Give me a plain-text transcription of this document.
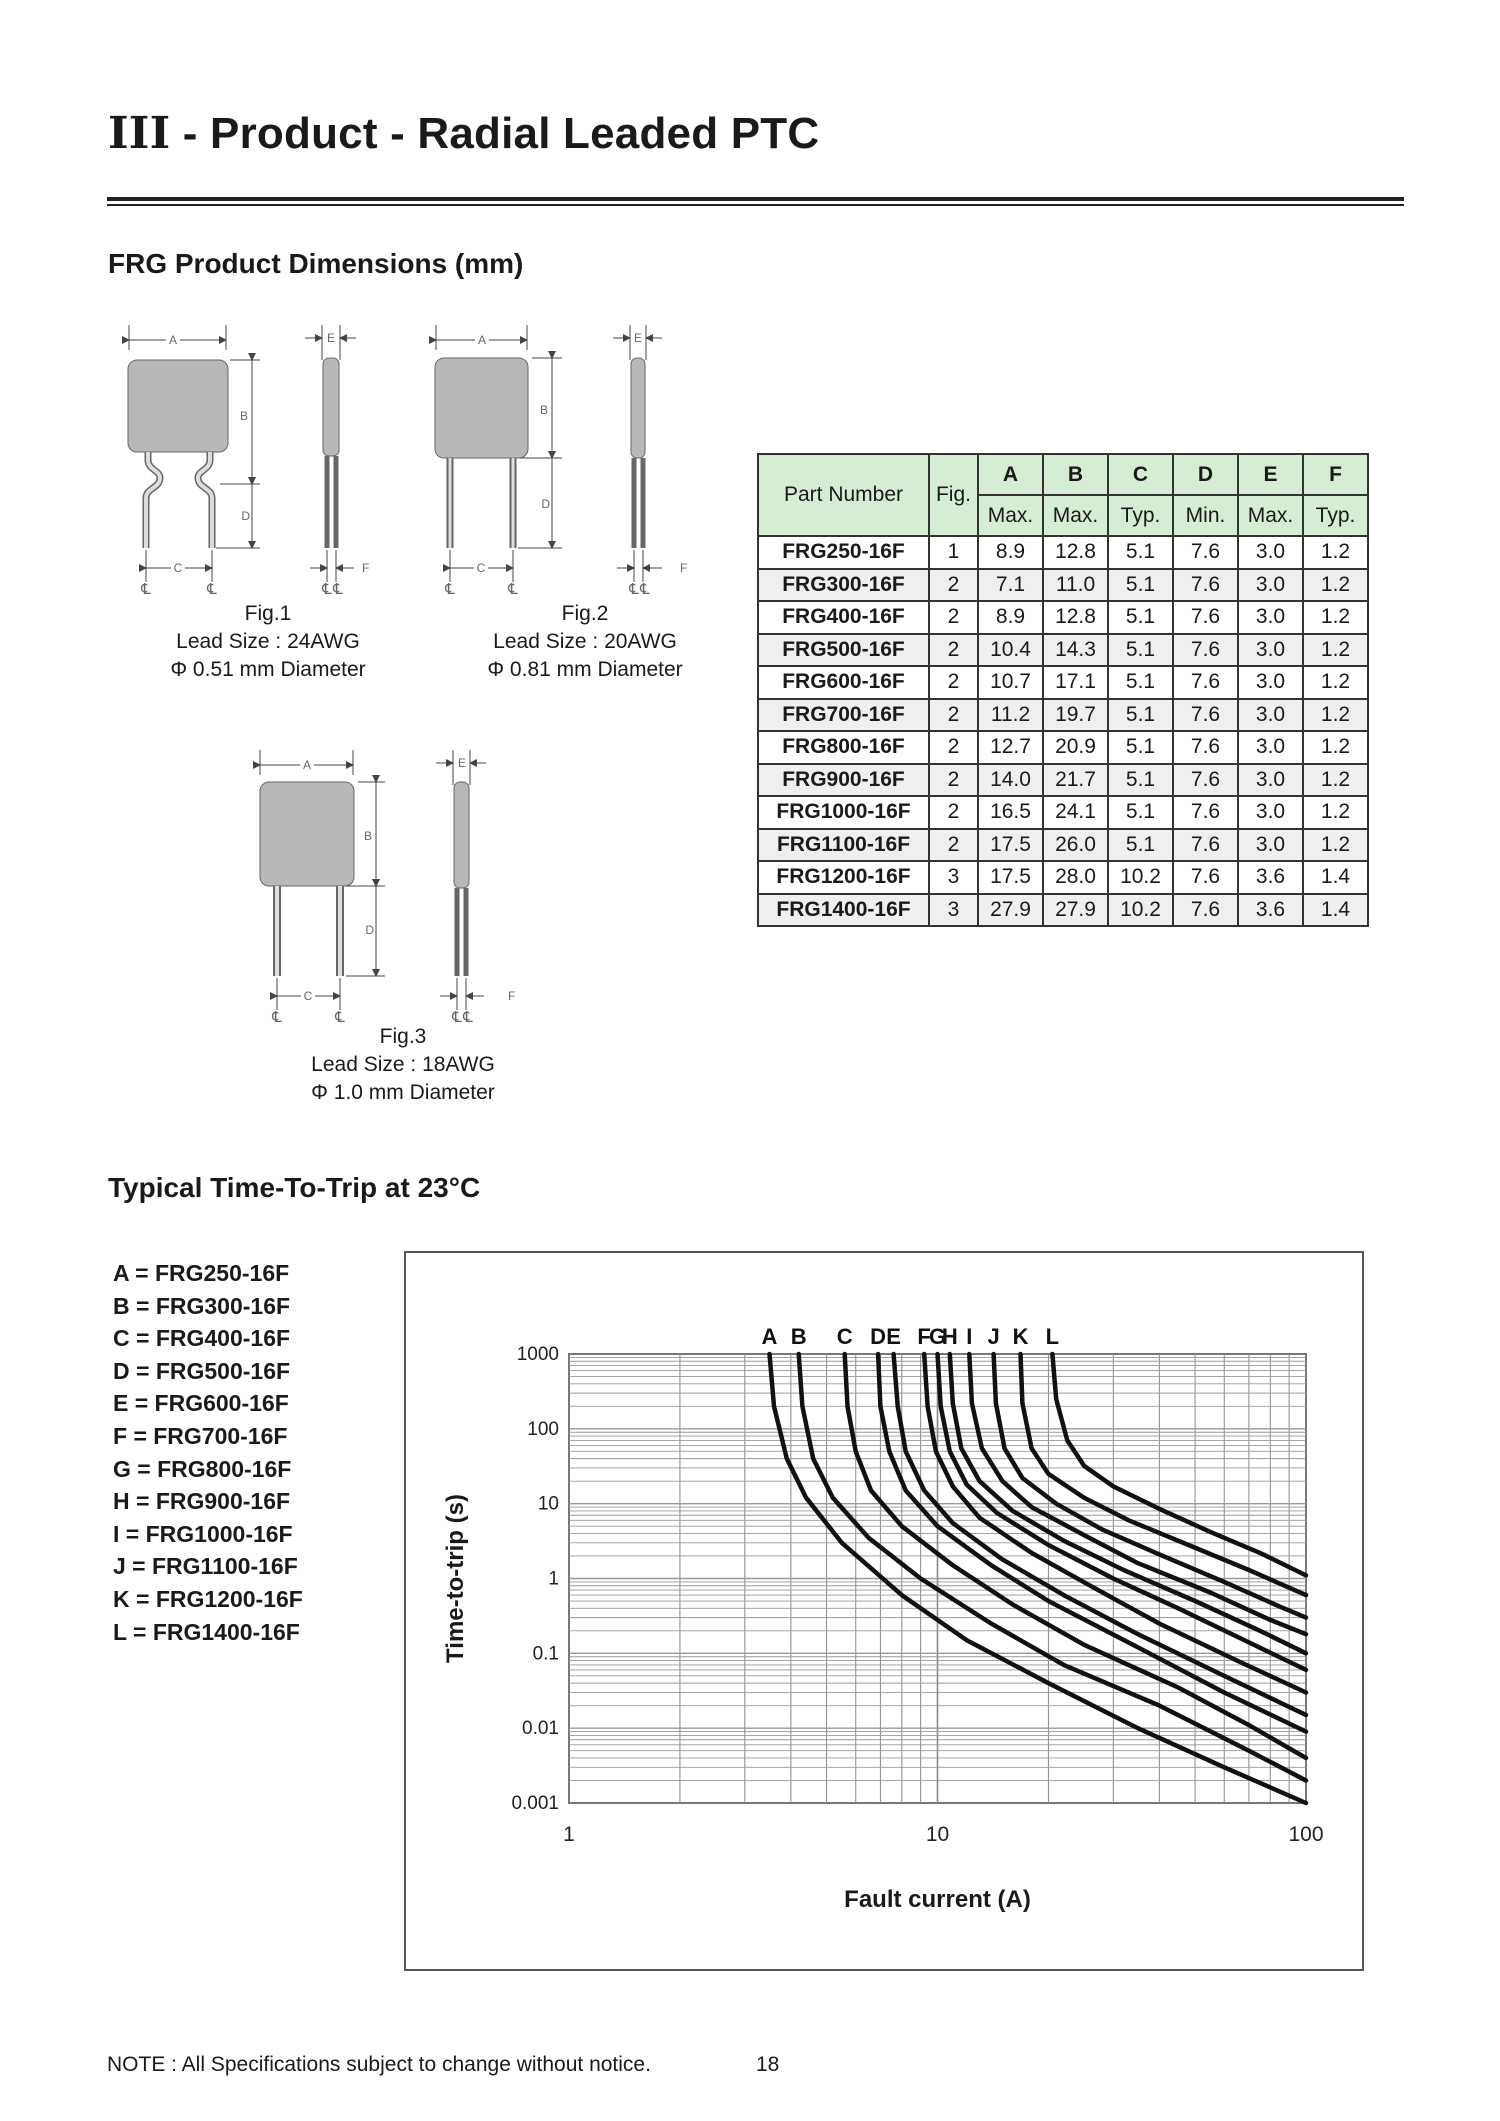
III - Product - Radial Leaded PTC
FRG Product Dimensions (mm)
A
B
D
C
℄	℄
E
F
℄ ℄
A
B
D
C
℄	℄
E
F
℄ ℄
A
B
D
C
℄	℄
E
F
℄ ℄
Fig.1
Lead Size : 24AWG
Φ 0.51 mm Diameter
Fig.2
Lead Size : 20AWG
Φ 0.81 mm Diameter
Fig.3
Lead Size : 18AWG
Φ 1.0 mm Diameter
Part Number	Fig.	A	B	C	D	E	F
		Max.	Max.	Typ.	Min.	Max.	Typ.
FRG250-16F	1	8.9	12.8	5.1	7.6	3.0	1.2
FRG300-16F	2	7.1	11.0	5.1	7.6	3.0	1.2
FRG400-16F	2	8.9	12.8	5.1	7.6	3.0	1.2
FRG500-16F	2	10.4	14.3	5.1	7.6	3.0	1.2
FRG600-16F	2	10.7	17.1	5.1	7.6	3.0	1.2
FRG700-16F	2	11.2	19.7	5.1	7.6	3.0	1.2
FRG800-16F	2	12.7	20.9	5.1	7.6	3.0	1.2
FRG900-16F	2	14.0	21.7	5.1	7.6	3.0	1.2
FRG1000-16F	2	16.5	24.1	5.1	7.6	3.0	1.2
FRG1100-16F	2	17.5	26.0	5.1	7.6	3.0	1.2
FRG1200-16F	3	17.5	28.0	10.2	7.6	3.6	1.4
FRG1400-16F	3	27.9	27.9	10.2	7.6	3.6	1.4
Typical Time-To-Trip at 23°C
A = FRG250-16F
B = FRG300-16F
C = FRG400-16F
D = FRG500-16F
E = FRG600-16F
F = FRG700-16F
G = FRG800-16F
H = FRG900-16F
I = FRG1000-16F
J = FRG1100-16F
K = FRG1200-16F
L = FRG1400-16F
1000
100
10
1
0.1
0.01
0.001
1	10	100
Fault current (A)
Time-to-trip (s)
A B C D E F
G
H I J K L
NOTE : All Specifications subject to change without notice.	18
